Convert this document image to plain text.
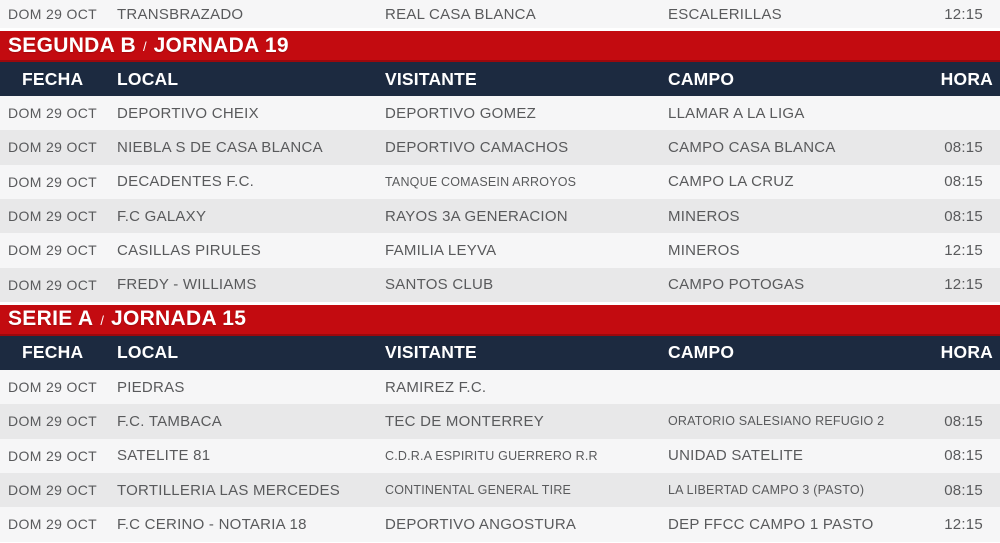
DOM 29 OCT	TRANSBRAZADO	REAL CASA BLANCA	ESCALERILLAS	12:15
SEGUNDA B / JORNADA 19
FECHA	LOCAL	VISITANTE	CAMPO	HORA
DOM 29 OCT	DEPORTIVO CHEIX	DEPORTIVO GOMEZ	LLAMAR A LA LIGA
DOM 29 OCT	NIEBLA S DE CASA BLANCA	DEPORTIVO CAMACHOS	CAMPO CASA BLANCA	08:15
DOM 29 OCT	DECADENTES F.C.	TANQUE COMASEIN ARROYOS	CAMPO LA CRUZ	08:15
DOM 29 OCT	F.C GALAXY	RAYOS 3A GENERACION	MINEROS	08:15
DOM 29 OCT	CASILLAS PIRULES	FAMILIA LEYVA	MINEROS	12:15
DOM 29 OCT	FREDY - WILLIAMS	SANTOS CLUB	CAMPO POTOGAS	12:15
SERIE A / JORNADA 15
FECHA	LOCAL	VISITANTE	CAMPO	HORA
DOM 29 OCT	PIEDRAS	RAMIREZ F.C.
DOM 29 OCT	F.C. TAMBACA	TEC DE MONTERREY	ORATORIO SALESIANO REFUGIO 2	08:15
DOM 29 OCT	SATELITE 81	C.D.R.A ESPIRITU GUERRERO R.R	UNIDAD SATELITE	08:15
DOM 29 OCT	TORTILLERIA LAS MERCEDES	CONTINENTAL GENERAL TIRE	LA LIBERTAD CAMPO 3 (PASTO)	08:15
DOM 29 OCT	F.C CERINO - NOTARIA 18	DEPORTIVO ANGOSTURA	DEP FFCC CAMPO 1 PASTO	12:15
